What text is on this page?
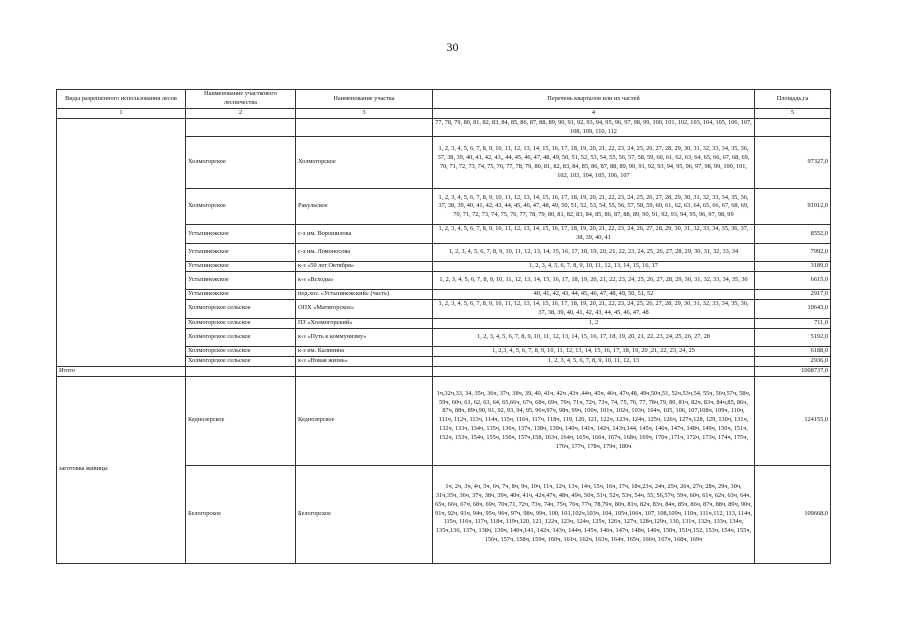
30
Виды разрешенного использования лесов	Наименование участкового лесничества	Наименование участка	Перечень кварталов или их частей	Площадь,га
1	2	3	4	5
			77, 78, 79, 80, 81, 82, 83, 84, 85, 86, 87, 88, 89, 90, 91, 92, 93, 94, 95, 96, 97, 98, 99, 100, 101, 102, 103, 104, 105, 106, 107, 108, 109, 110, 112	
	Холмогорское	Холмогорское	1, 2, 3, 4, 5, 6, 7, 8, 9, 10, 11, 12, 13, 14, 15, 16, 17, 18, 19, 20, 21, 22, 23, 24, 25, 26, 27, 28, 29, 30, 31, 32, 33, 34, 35, 36, 37, 38, 39, 40, 41, 42, 43,, 44, 45, 46, 47, 48, 49, 50, 51, 52, 53, 54, 55, 56, 57, 58, 59, 60, 61, 62, 63, 64, 65, 66, 67, 68, 69, 70, 71, 72, 73, 74, 75, 76, 77, 78, 79, 80, 81, 82, 83, 84, 85, 86, 87, 88, 89, 90, 91, 92, 93, 94, 95, 96, 97, 98, 99, 100, 101, 102, 103, 104, 105, 106, 107	97327,0
	Холмогорское	Ракульское	1, 2, 3, 4, 5, 6, 7, 8, 9, 10, 11, 12, 13, 14, 15, 16, 17, 18, 19, 20, 21, 22, 23, 24, 25, 26, 27, 28, 29, 30, 31, 32, 33, 34, 35, 36, 37, 38, 39, 40, 41, 42, 43, 44, 45, 46, 47, 48, 49, 50, 51, 52, 53, 54, 55, 56, 57, 58, 59, 60, 61, 62, 63, 64, 65, 66, 67, 68, 69, 70, 71, 72, 73, 74, 75, 76, 77, 78, 79, 80, 81, 82, 83, 84, 85, 86, 87, 88, 89, 90, 91, 92, 93, 94, 95, 96, 97, 98, 99	91012,0
	Устьпинежское	с-з им. Ворошилова	1, 2, 3, 4, 5, 6, 7, 8, 9, 10, 11, 12, 13, 14, 15, 16, 17, 18, 19, 20, 21, 22, 23, 24, 26, 27, 28, 29, 30, 31, 32, 33, 34, 35, 36, 37, 38, 39, 40, 41	8552,0
	Устьпинежское	с-з им. Ломоносова	1, 2, 3, 4, 5, 6, 7, 8, 9, 10, 11, 12, 13, 14, 15, 16, 17, 18, 19, 20, 21, 22, 23, 24, 25, 26, 27, 28, 29, 30, 31, 32, 33, 34	7992,0
	Устьпинежское	к-з «50 лет Октября»	1, 2, 3, 4, 5, 6, 7, 8, 9, 10, 11, 12, 13, 14, 15, 16, 17	3189,0
	Устьпинежское	к-з «Всходы»	1, 2, 3, 4, 5, 6, 7, 8, 9, 10, 11, 12, 13, 14, 15, 16, 17, 18, 19, 20, 21, 22, 23, 24, 25, 26, 27, 28, 29, 30, 31, 32, 33, 34, 35, 36	6615,0
	Устьпинежское	под.хоз. «Устьпинежский» (часть)	40, 41, 42, 43, 44, 45, 46, 47, 48, 49, 50, 51, 52	2917,0
	Холмогорское сельское	ОПХ «Матигорское»	1, 2, 3, 4, 5, 6, 7, 8, 9, 10, 11, 12, 13, 14, 15, 16, 17, 18, 19, 20, 21, 22, 23, 24, 25, 26, 27, 28, 29, 30, 31, 32, 33, 34, 35, 36, 37, 38, 39, 40, 41, 42, 43, 44, 45, 46, 47, 48	10643,0
	Холмогорское сельское	ПЗ «Холмогорский»	1, 2	711,0
	Холмогорское сельское	к-з «Путь к коммунизму»	1, 2, 3, 4, 5, 6, 7, 8, 9, 10, 11, 12, 13, 14, 15, 16, 17, 18, 19, 20, 21, 22, 23, 24, 25, 26, 27, 28	5192,0
	Холмогорское сельское	к-з им. Калинина	1, 2,3, 4, 5, 6, 7, 8, 9, 10, 11, 12, 13, 14, 15, 16, 17, 18, 19, 20 ,21, 22, 23, 24, 25	6188,0
	Холмогорское сельское	к-з «Новая жизнь»	1, 2, 3, 4, 5, 6, 7, 8, 9, 10, 11, 12, 13	2936,0
Итого				1008737,0
заготовка живицы	Кеднозерское	Кеднозерское	1ч,32ч,33, 34, 35ч, 36ч, 37ч, 38ч, 39, 40, 41ч, 42ч ,43ч ,44ч, 45ч, 46ч, 47ч,48, 49ч,50ч,51, 52ч,53ч,54, 55ч, 56ч,57ч, 58ч, 59ч, 60ч, 61, 62, 63, 64, 65,66ч, 67ч, 68ч, 69ч, 70ч, 71ч, 72ч, 73ч, 74, 75, 76, 77, 78ч,79, 80, 81ч, 82ч, 83ч, 84ч,85, 86ч, 87ч, 88ч, 89ч,90, 91, 92, 93, 94, 95, 96ч,97ч, 98ч, 99ч, 100ч, 101ч, 102ч, 103ч, 104ч, 105, 106, 107,108ч, 109ч, 110ч, 111ч, 112ч, 113ч, 114ч, 115ч, 116ч, 117ч, 118ч, 119, 120, 121, 122ч, 123ч, 124ч, 125ч, 126ч, 127ч,128, 129, 130ч, 131ч, 132ч, 133ч, 134ч, 135ч, 136ч, 137ч, 138ч, 139ч, 140ч, 141ч, 142ч, 143ч,144, 145ч, 146ч, 147ч, 148ч, 149ч, 150ч, 151ч, 152ч, 153ч, 154ч, 155ч, 156ч, 157ч,158, 163ч, 164ч, 165ч, 166ч, 167ч, 168ч, 169ч, 170ч ,171ч, 172ч, 173ч, 174ч, 175ч, 176ч, 177ч, 178ч, 179ч, 180ч	124155,0
	Белогорское	Белогорское	1ч, 2ч, 3ч, 4ч, 5ч, 6ч, 7ч, 8ч, 9ч, 10ч, 11ч, 12ч, 13ч, 14ч, 15ч, 16ч, 17ч, 18ч,23ч, 24ч, 25ч, 26ч, 27ч, 28ч, 29ч, 30ч, 31ч,35ч, 36ч, 37ч, 38ч, 39ч, 40ч, 41ч, 42ч,47ч, 48ч, 49ч, 50ч, 51ч, 52ч, 53ч, 54ч, 55, 56,57ч, 59ч, 60ч, 61ч, 62ч, 63ч, 64ч, 65ч, 66ч, 67ч, 68ч, 69ч, 70ч,71, 72ч, 73ч, 74ч, 75ч, 76ч, 77ч, 78,79ч, 80ч, 81ч, 82ч, 83ч, 84ч, 85ч, 86ч, 87ч, 88ч, 89ч, 90ч, 91ч, 92ч, 93ч, 94ч, 95ч, 96ч, 97ч, 98ч, 99ч, 100, 101,102ч,103ч, 104, 105ч,106ч, 107, 108,109ч, 110ч, 111ч,112, 113, 114ч, 115ч, 116ч, 117ч, 118ч, 119ч,120, 121, 122ч, 123ч, 124ч, 125ч, 126ч, 127ч, 128ч,129ч, 130, 131ч, 132ч, 133ч, 134ч, 135ч,136, 137ч, 138ч, 139ч, 140ч,141, 142ч, 143ч, 144ч, 145ч, 146ч, 147ч, 148ч, 149ч, 150ч, 151ч,152, 153ч, 154ч, 155ч, 156ч, 157ч, 158ч, 159ч, 160ч, 161ч, 162ч, 163ч, 164ч, 165ч, 166ч, 167ч, 168ч, 169ч	109668,0
